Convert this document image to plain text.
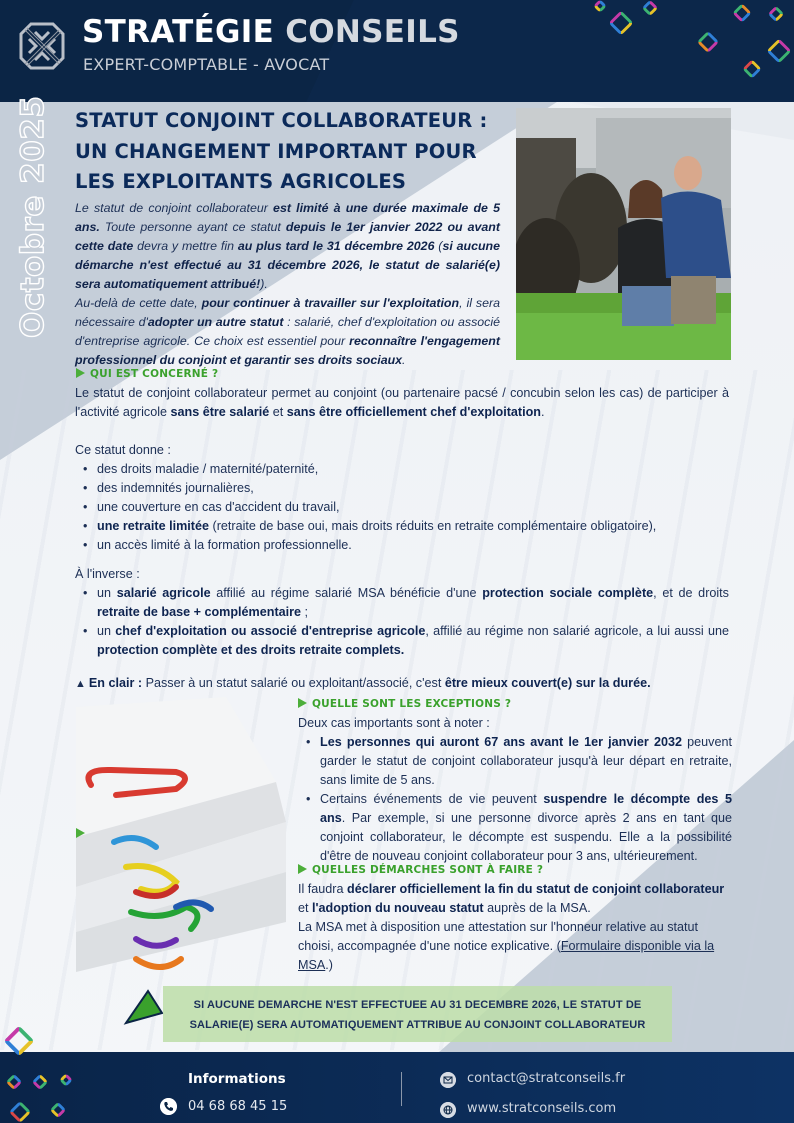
STRATÉGIE CONSEILS
EXPERT-COMPTABLE - AVOCAT
Octobre 2025 STATUT CONJOINT COLLABORATEUR :
UN CHANGEMENT IMPORTANT POUR
LES EXPLOITANTS AGRICOLES
Le statut de conjoint collaborateur est limité à une durée maximale de 5 ans. Toute personne ayant ce statut depuis le 1er janvier 2022 ou avant cette date devra y mettre fin au plus tard le 31 décembre 2026 (si aucune démarche n'est effectué au 31 décembre 2026, le statut de salarié(e) sera automatiquement attribué!).
Au-delà de cette date, pour continuer à travailler sur l'exploitation, il sera nécessaire d'adopter un autre statut : salarié, chef d'exploitation ou associé d'entreprise agricole. Ce choix est essentiel pour reconnaître l'engagement professionnel du conjoint et garantir ses droits sociaux.
QUI EST CONCERNÉ ?
Le statut de conjoint collaborateur permet au conjoint (ou partenaire pacsé / concubin selon les cas) de participer à l'activité agricole sans être salarié et sans être officiellement chef d'exploitation.
Ce statut donne :
• des droits maladie / maternité/paternité,
• des indemnités journalières,
• une couverture en cas d'accident du travail,
• une retraite limitée (retraite de base oui, mais droits réduits en retraite complémentaire obligatoire),
• un accès limité à la formation professionnelle.
À l'inverse :
• un salarié agricole affilié au régime salarié MSA bénéficie d'une protection sociale complète, et de droits retraite de base + complémentaire ;
• un chef d'exploitation ou associé d'entreprise agricole, affilié au régime non salarié agricole, a lui aussi une protection complète et des droits retraite complets.
▲ En clair : Passer à un statut salarié ou exploitant/associé, c'est être mieux couvert(e) sur la durée.
QUELLE SONT LES EXCEPTIONS ?
Deux cas importants sont à noter :
• Les personnes qui auront 67 ans avant le 1er janvier 2032 peuvent garder le statut de conjoint collaborateur jusqu'à leur départ en retraite, sans limite de 5 ans.
• Certains événements de vie peuvent suspendre le décompte des 5 ans. Par exemple, si une personne divorce après 2 ans en tant que conjoint collaborateur, le décompte est suspendu. Elle a la possibilité d'être de nouveau conjoint collaborateur pour 3 ans, ultérieurement.
QUELLES DÉMARCHES SONT À FAIRE ?
Il faudra déclarer officiellement la fin du statut de conjoint collaborateur et l'adoption du nouveau statut auprès de la MSA.
La MSA met à disposition une attestation sur l'honneur relative au statut choisi, accompagnée d'une notice explicative. (Formulaire disponible via la MSA.)
SI AUCUNE DEMARCHE N'EST EFFECTUEE AU 31 DECEMBRE 2026, LE STATUT DE
SALARIE(E) SERA AUTOMATIQUEMENT ATTRIBUE AU CONJOINT COLLABORATEUR
Informations
04 68 68 45 15
contact@stratconseils.fr
www.stratconseils.com
